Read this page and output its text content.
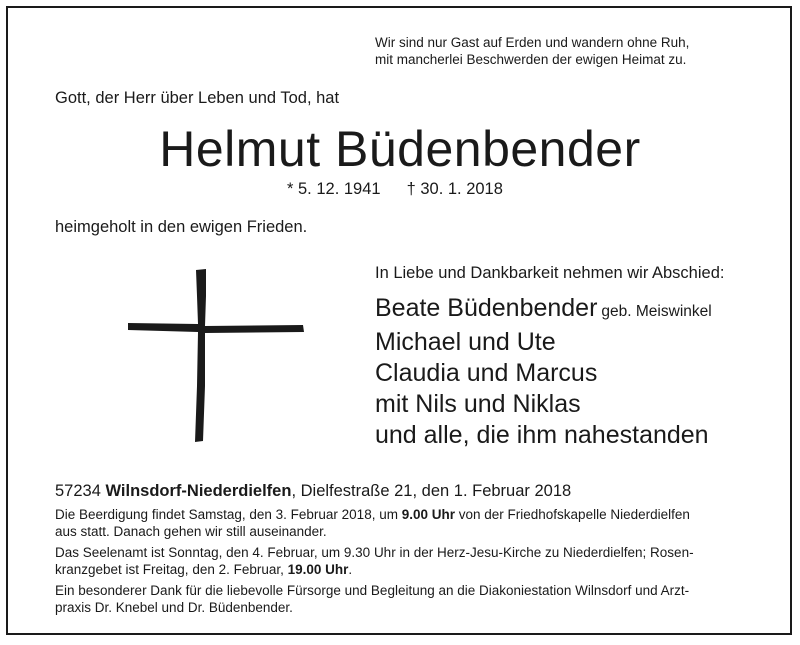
Wir sind nur Gast auf Erden und wandern ohne Ruh,
mit mancherlei Beschwerden der ewigen Heimat zu.
Gott, der Herr über Leben und Tod, hat
Helmut Büdenbender
* 5. 12. 1941 † 30. 1. 2018
heimgeholt in den ewigen Frieden.
In Liebe und Dankbarkeit nehmen wir Abschied:
Beate Büdenbender geb. Meiswinkel
Michael und Ute
Claudia und Marcus
mit Nils und Niklas
und alle, die ihm nahestanden
57234 Wilnsdorf-Niederdielfen, Dielfestraße 21, den 1. Februar 2018

Die Beerdigung findet Samstag, den 3. Februar 2018, um 9.00 Uhr von der Friedhofskapelle Niederdielfen
aus statt. Danach gehen wir still auseinander.

Das Seelenamt ist Sonntag, den 4. Februar, um 9.30 Uhr in der Herz-Jesu-Kirche zu Niederdielfen; Rosen-
kranzgebet ist Freitag, den 2. Februar, 19.00 Uhr.

Ein besonderer Dank für die liebevolle Fürsorge und Begleitung an die Diakoniestation Wilnsdorf und Arzt-
praxis Dr. Knebel und Dr. Büdenbender.
